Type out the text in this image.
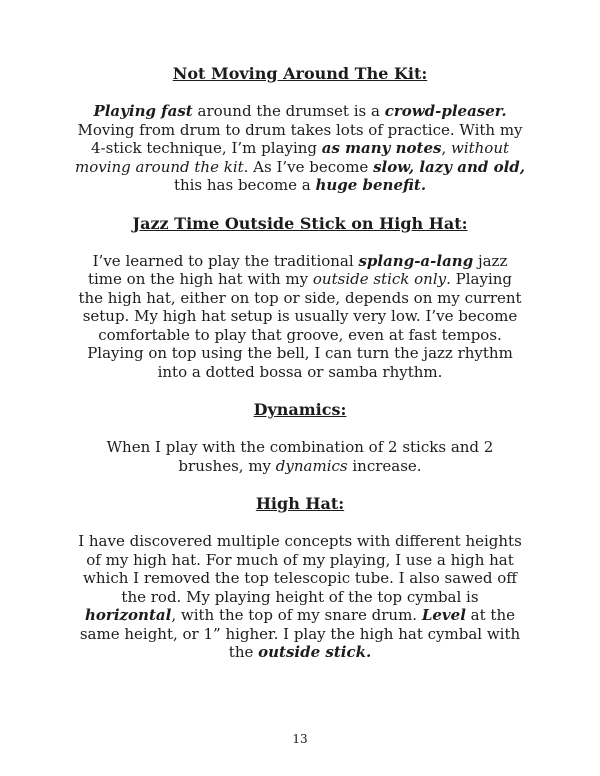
Not Moving Around The Kit:

Playing fast around the drumset is a crowd-pleaser. Moving from drum to drum takes lots of practice. With my 4-stick technique, I’m playing as many notes, without moving around the kit. As I’ve become slow, lazy and old, this has become a huge benefit.

Jazz Time Outside Stick on High Hat:

I’ve learned to play the traditional splang-a-lang jazz time on the high hat with my outside stick only. Playing the high hat, either on top or side, depends on my current setup. My high hat setup is usually very low. I’ve become comfortable to play that groove, even at fast tempos. Playing on top using the bell, I can turn the jazz rhythm into a dotted bossa or samba rhythm.

Dynamics:

When I play with the combination of 2 sticks and 2 brushes, my dynamics increase.

High Hat:

I have discovered multiple concepts with different heights of my high hat. For much of my playing, I use a high hat which I removed the top telescopic tube. I also sawed off the rod. My playing height of the top cymbal is horizontal, with the top of my snare drum. Level at the same height, or 1” higher. I play the high hat cymbal with the outside stick.

13
